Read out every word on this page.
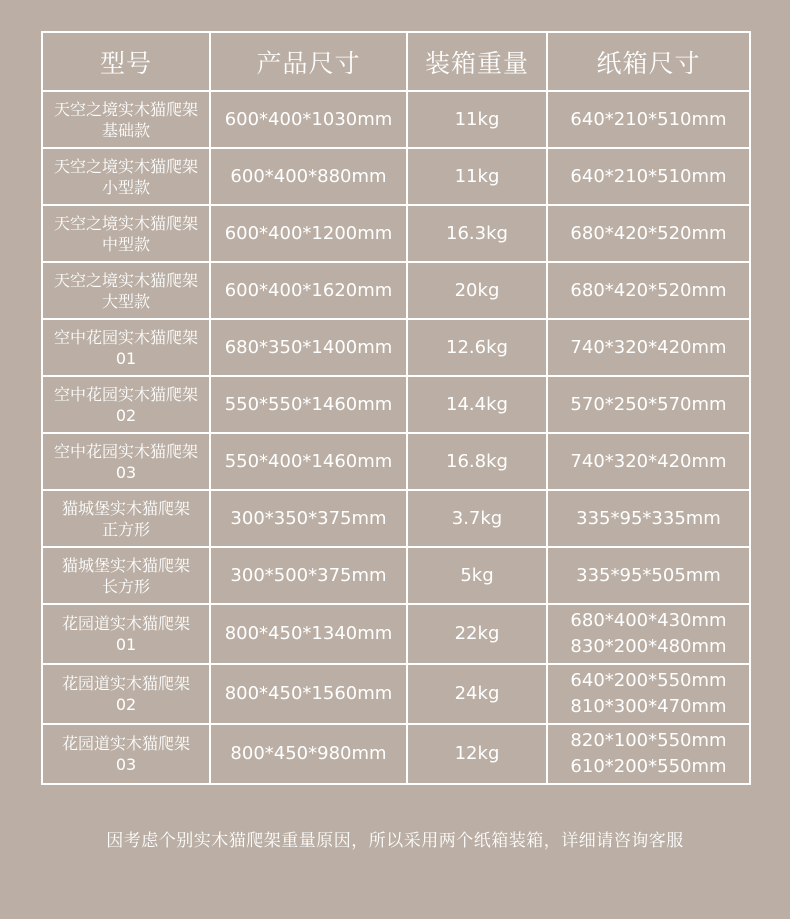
型号	产品尺寸	装箱重量	纸箱尺寸

天空之境实木猫爬架
基础款	600*400*1030mm	11kg	640*210*510mm

天空之境实木猫爬架
小型款	600*400*880mm	11kg	640*210*510mm

天空之境实木猫爬架
中型款	600*400*1200mm	16.3kg	680*420*520mm

天空之境实木猫爬架
大型款	600*400*1620mm	20kg	680*420*520mm

空中花园实木猫爬架
01	680*350*1400mm	12.6kg	740*320*420mm

空中花园实木猫爬架
02	550*550*1460mm	14.4kg	570*250*570mm

空中花园实木猫爬架
03	550*400*1460mm	16.8kg	740*320*420mm

猫城堡实木猫爬架
正方形	300*350*375mm	3.7kg	335*95*335mm

猫城堡实木猫爬架
长方形	300*500*375mm	5kg	335*95*505mm

花园道实木猫爬架
01	800*450*1340mm	22kg	680*400*430mm
830*200*480mm

花园道实木猫爬架
02	800*450*1560mm	24kg	640*200*550mm
810*300*470mm

花园道实木猫爬架
03	800*450*980mm	12kg	820*100*550mm
610*200*550mm
因考虑个别实木猫爬架重量原因，所以采用两个纸箱装箱，详细请咨询客服
